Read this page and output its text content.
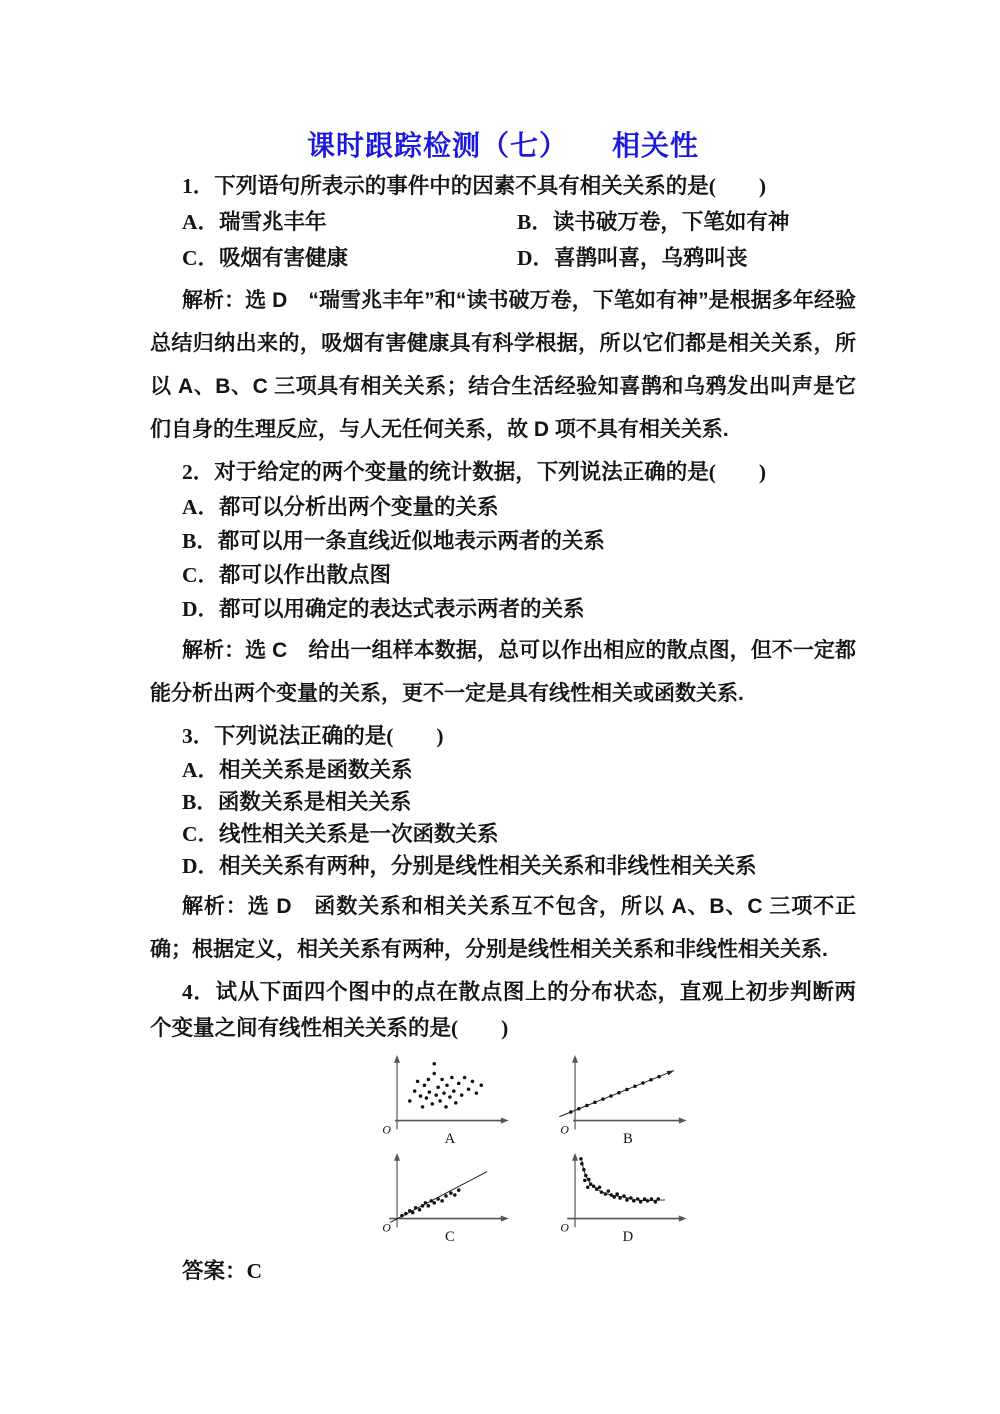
课时跟踪检测（七）　　相关性

1．下列语句所表示的事件中的因素不具有相关关系的是(　　)

A．瑞雪兆丰年	B．读书破万卷，下笔如有神
C．吸烟有害健康	D．喜鹊叫喜，乌鸦叫丧

解析：选 D　“瑞雪兆丰年”和“读书破万卷，下笔如有神”是根据多年经验总结归纳出来的，吸烟有害健康具有科学根据，所以它们都是相关关系，所以 A、B、C 三项具有相关关系；结合生活经验知喜鹊和乌鸦发出叫声是它们自身的生理反应，与人无任何关系，故 D 项不具有相关关系.

2．对于给定的两个变量的统计数据，下列说法正确的是(　　)

A．都可以分析出两个变量的关系

B．都可以用一条直线近似地表示两者的关系

C．都可以作出散点图

D．都可以用确定的表达式表示两者的关系

解析：选 C　给出一组样本数据，总可以作出相应的散点图，但不一定都能分析出两个变量的关系，更不一定是具有线性相关或函数关系.

3．下列说法正确的是(　　)

A．相关关系是函数关系

B．函数关系是相关关系

C．线性相关关系是一次函数关系

D．相关关系有两种，分别是线性相关关系和非线性相关关系

解析：选 D　函数关系和相关关系互不包含，所以 A、B、C 三项不正确；根据定义，相关关系有两种，分别是线性相关关系和非线性相关关系.

4．试从下面四个图中的点在散点图上的分布状态，直观上初步判断两个变量之间有线性相关关系的是(　　)

O
A
O
B
O
C
O
D

答案：C
